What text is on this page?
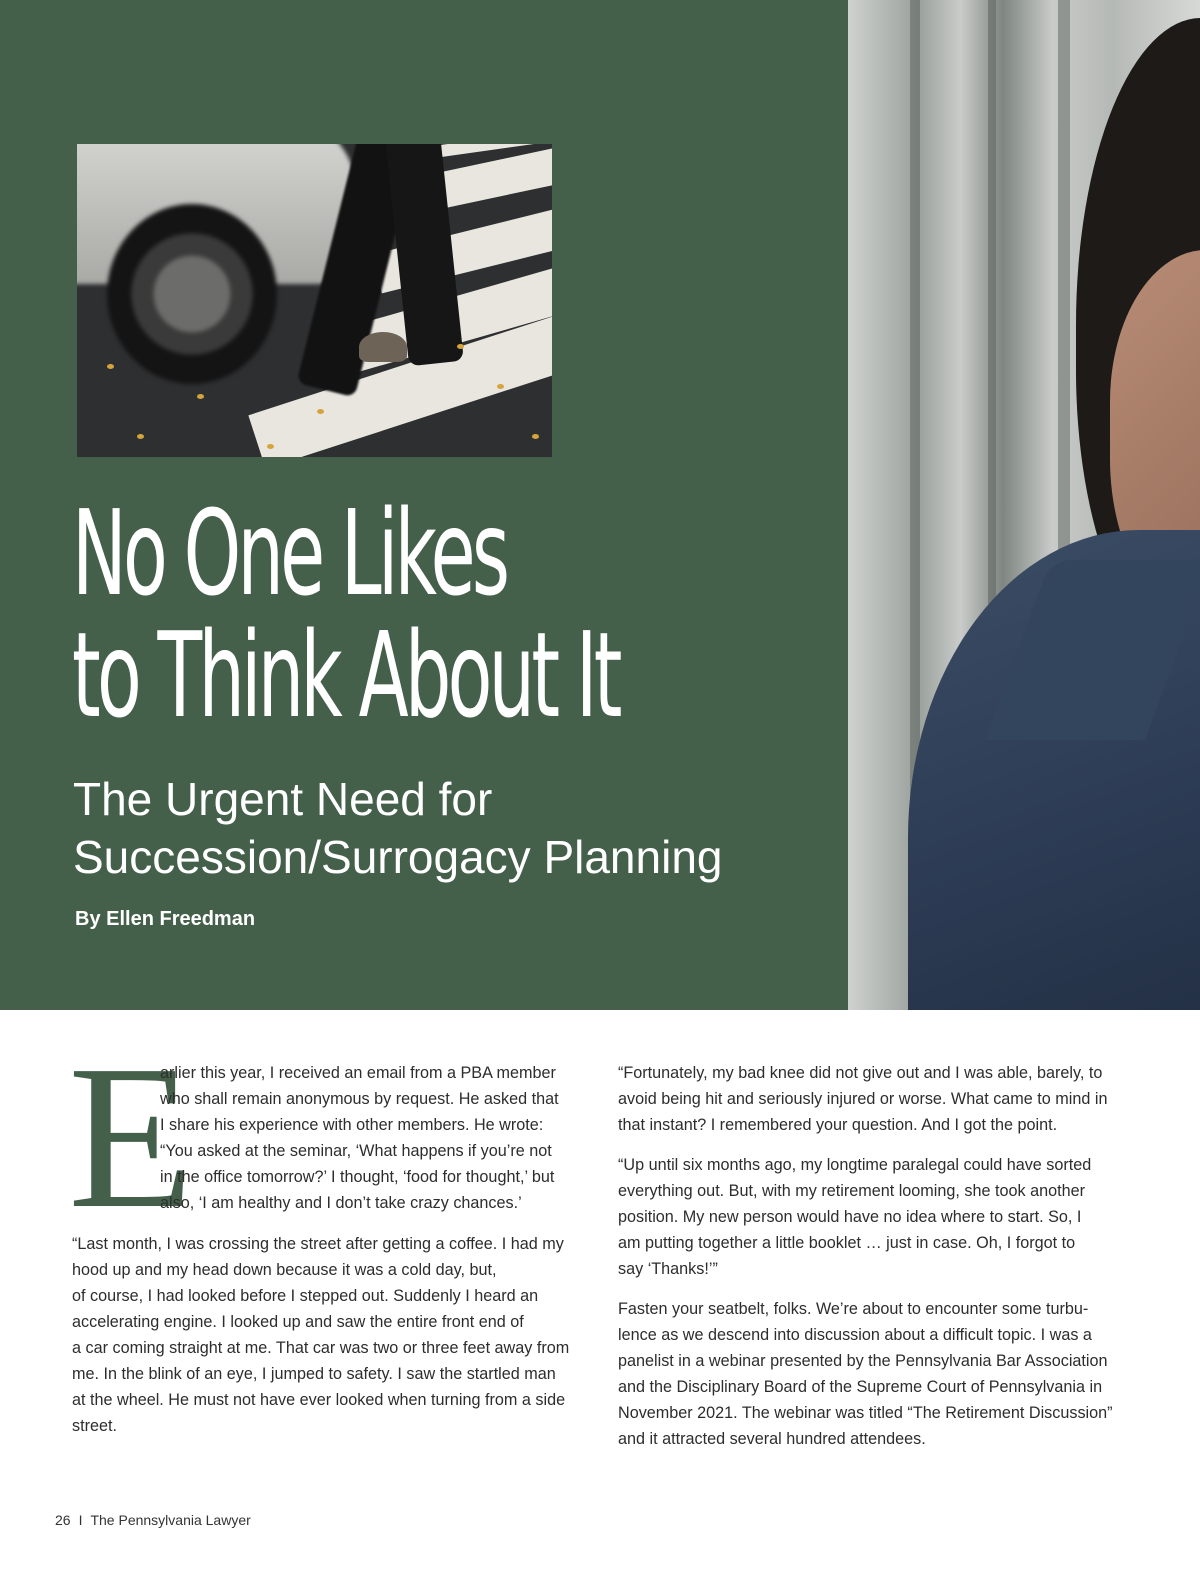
No One Likes
to Think About It
The Urgent Need for
Succession/Surrogacy Planning
By Ellen Freedman
E

arlier this year, I received an email from a PBA member
who shall remain anonymous by request. He asked that
I share his experience with other members. He wrote:
“You asked at the seminar, ‘What happens if you’re not
in the office tomorrow?’ I thought, ‘food for thought,’ but
also, ‘I am healthy and I don’t take crazy chances.’

“Last month, I was crossing the street after getting a coffee. I had my
hood up and my head down because it was a cold day, but,
of course, I had looked before I stepped out. Suddenly I heard an
accelerating engine. I looked up and saw the entire front end of
a car coming straight at me. That car was two or three feet away from
me. In the blink of an eye, I jumped to safety. I saw the startled man
at the wheel. He must not have ever looked when turning from a side
street.

“Fortunately, my bad knee did not give out and I was able, barely, to
avoid being hit and seriously injured or worse. What came to mind in
that instant? I remembered your question. And I got the point.

“Up until six months ago, my longtime paralegal could have sorted
everything out. But, with my retirement looming, she took another
position. My new person would have no idea where to start. So, I
am putting together a little booklet … just in case. Oh, I forgot to
say ‘Thanks!’”

Fasten your seatbelt, folks. We’re about to encounter some turbu-
lence as we descend into discussion about a difficult topic. I was a
panelist in a webinar presented by the Pennsylvania Bar Association
and the Disciplinary Board of the Supreme Court of Pennsylvania in
November 2021. The webinar was titled “The Retirement Discussion”
and it attracted several hundred attendees.

26 I The Pennsylvania Lawyer
